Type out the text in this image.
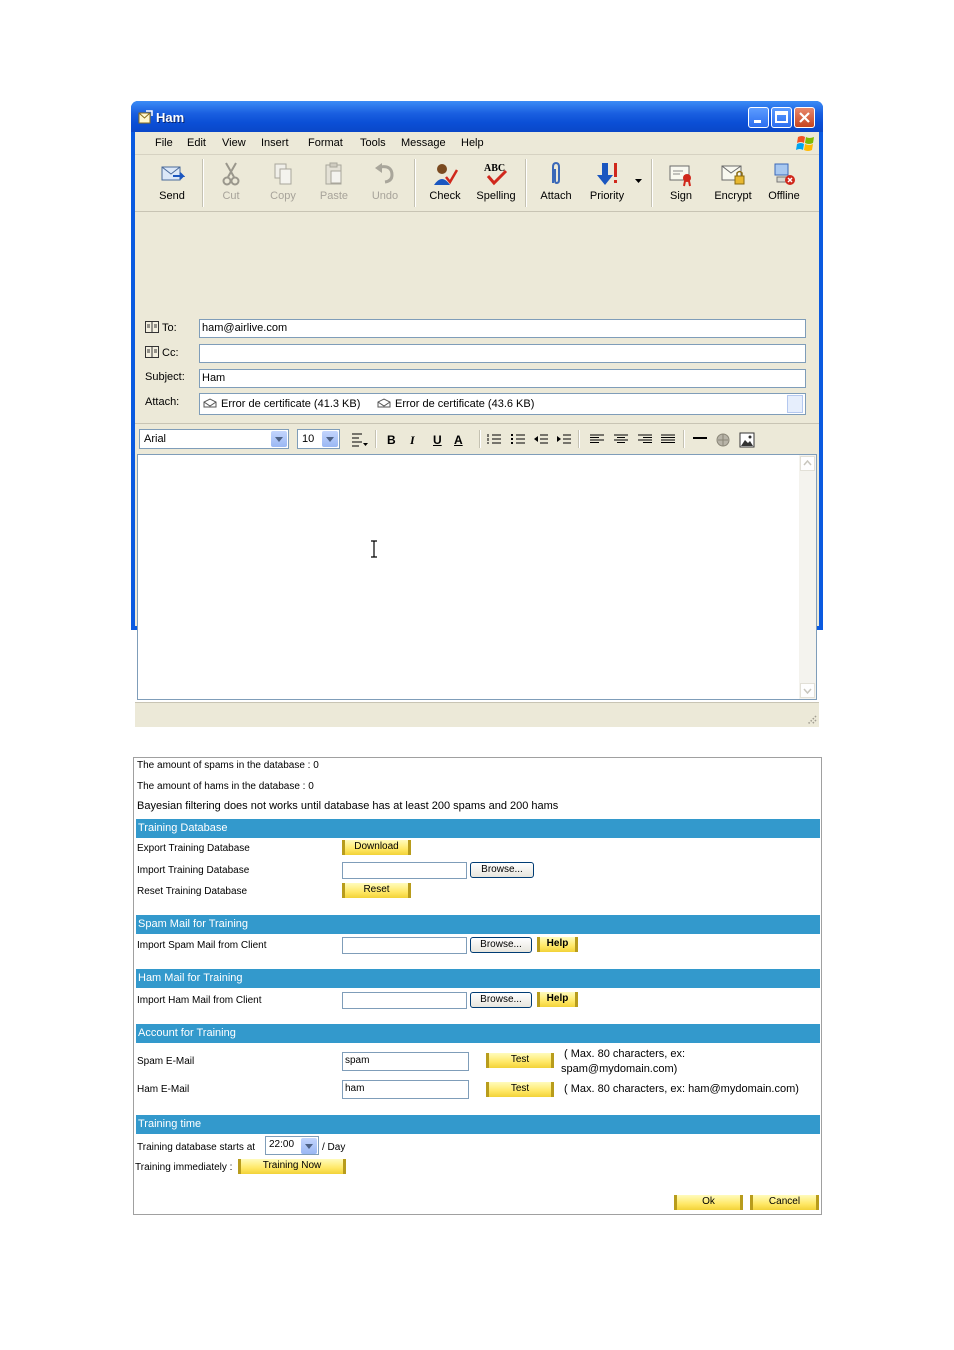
Ham
File Edit View Insert Format Tools Message Help
Send	Cut	Copy	Paste	Undo	Check
ABC
Spelling	Attach	Priority	Sign	Encrypt	Offline
To: ham@airlive.com
Cc:
Subject: Ham
Attach:	Error de certificate (41.3 KB)	Error de certificate (43.6 KB)
Arial	10	B I U A
The amount of spams in the database : 0
The amount of hams in the database : 0
Bayesian filtering does not works until database has at least 200 spams and 200 hams
Training Database
Export Training Database	Download
Import Training Database	Browse...
Reset Training Database	Reset
Spam Mail for Training
Import Spam Mail from Client	Browse...	Help
Ham Mail for Training
Import Ham Mail from Client	Browse...	Help
Account for Training
Spam E-Mail	spam	Test	( Max. 80 characters, ex:
spam@mydomain.com)
Ham E-Mail	ham	Test	( Max. 80 characters, ex: ham@mydomain.com)
Training time
Training database starts at	22:00	/ Day
Training immediately :	Training Now
Ok	Cancel
